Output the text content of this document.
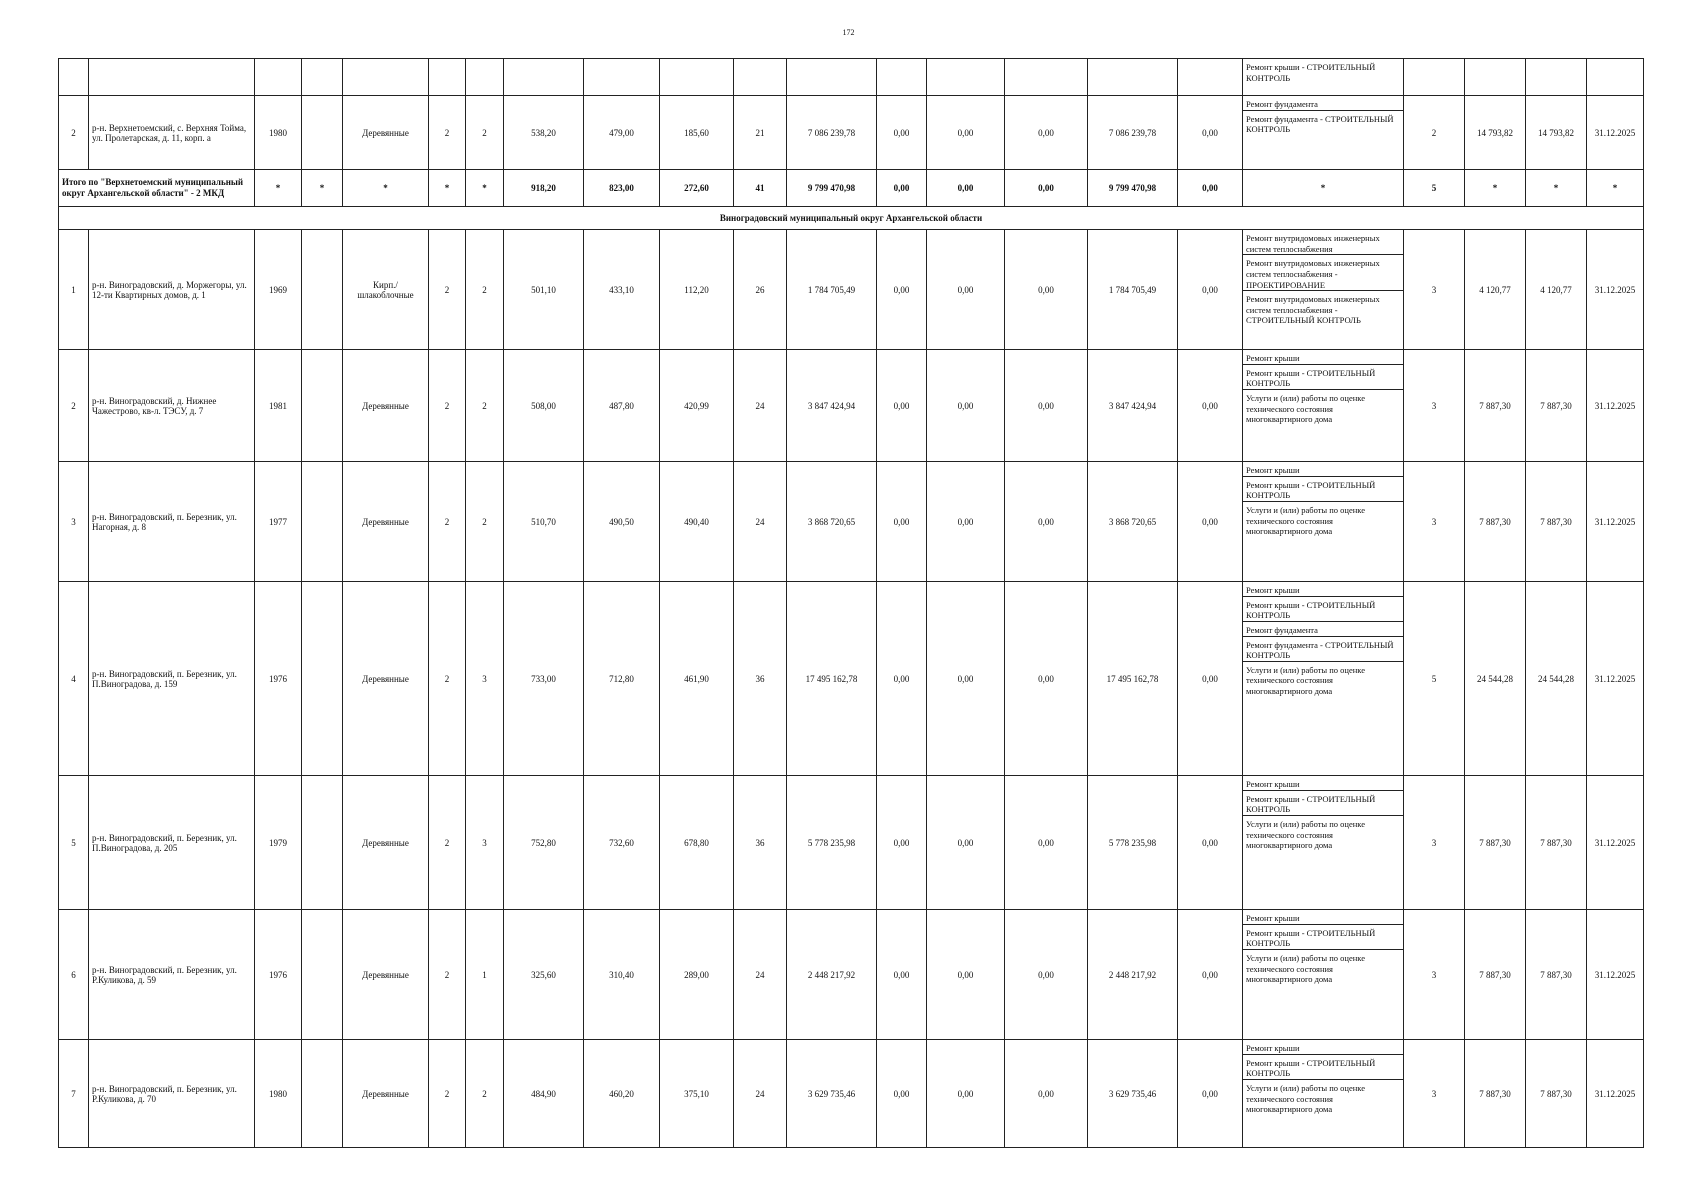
172

																	Ремонт крыши - СТРОИТЕЛЬНЫЙ КОНТРОЛЬ				

2	р-н. Верхнетоемский, с. Верхняя Тойма, ул. Пролетарская, д. 11, корп. а	1980		Деревянные	2	2	538,20	479,00	185,60	21	7 086 239,78	0,00	0,00	0,00	7 086 239,78	0,00	Ремонт фундамента
Ремонт фундамента - СТРОИТЕЛЬНЫЙ КОНТРОЛЬ	2	14 793,82	14 793,82	31.12.2025
Итого по "Верхнетоемский муниципальный округ Архангельской области" - 2 МКД		*	*	*	*	*	918,20	823,00	272,60	41	9 799 470,98	0,00	0,00	0,00	9 799 470,98	0,00	*	5	*	*	*
Виноградовский муниципальный округ Архангельской области																					
1	р-н. Виноградовский, д. Моржегоры, ул. 12-ти Квартирных домов, д. 1	1969		Кирп./ шлакоблочные	2	2	501,10	433,10	112,20	26	1 784 705,49	0,00	0,00	0,00	1 784 705,49	0,00	Ремонт внутридомовых инженерных систем теплоснабжения
Ремонт внутридомовых инженерных систем теплоснабжения - ПРОЕКТИРОВАНИЕ
Ремонт внутридомовых инженерных систем теплоснабжения - СТРОИТЕЛЬНЫЙ КОНТРОЛЬ	3	4 120,77	4 120,77	31.12.2025
2	р-н. Виноградовский, д. Нижнее Чажестрово, кв-л. ТЭСУ, д. 7	1981		Деревянные	2	2	508,00	487,80	420,99	24	3 847 424,94	0,00	0,00	0,00	3 847 424,94	0,00	Ремонт крыши
Ремонт крыши - СТРОИТЕЛЬНЫЙ КОНТРОЛЬ
Услуги и (или) работы по оценке технического состояния многоквартирного дома	3	7 887,30	7 887,30	31.12.2025
3	р-н. Виноградовский, п. Березник, ул. Нагорная, д. 8	1977		Деревянные	2	2	510,70	490,50	490,40	24	3 868 720,65	0,00	0,00	0,00	3 868 720,65	0,00	Ремонт крыши
Ремонт крыши - СТРОИТЕЛЬНЫЙ КОНТРОЛЬ
Услуги и (или) работы по оценке технического состояния многоквартирного дома	3	7 887,30	7 887,30	31.12.2025
4	р-н. Виноградовский, п. Березник, ул. П.Виноградова, д. 159	1976		Деревянные	2	3	733,00	712,80	461,90	36	17 495 162,78	0,00	0,00	0,00	17 495 162,78	0,00	Ремонт крыши
Ремонт крыши - СТРОИТЕЛЬНЫЙ КОНТРОЛЬ
Ремонт фундамента
Ремонт фундамента - СТРОИТЕЛЬНЫЙ КОНТРОЛЬ
Услуги и (или) работы по оценке технического состояния многоквартирного дома	5	24 544,28	24 544,28	31.12.2025
5	р-н. Виноградовский, п. Березник, ул. П.Виноградова, д. 205	1979		Деревянные	2	3	752,80	732,60	678,80	36	5 778 235,98	0,00	0,00	0,00	5 778 235,98	0,00	Ремонт крыши
Ремонт крыши - СТРОИТЕЛЬНЫЙ КОНТРОЛЬ
Услуги и (или) работы по оценке технического состояния многоквартирного дома	3	7 887,30	7 887,30	31.12.2025
6	р-н. Виноградовский, п. Березник, ул. Р.Куликова, д. 59	1976		Деревянные	2	1	325,60	310,40	289,00	24	2 448 217,92	0,00	0,00	0,00	2 448 217,92	0,00	Ремонт крыши
Ремонт крыши - СТРОИТЕЛЬНЫЙ КОНТРОЛЬ
Услуги и (или) работы по оценке технического состояния многоквартирного дома	3	7 887,30	7 887,30	31.12.2025
7	р-н. Виноградовский, п. Березник, ул. Р.Куликова, д. 70	1980		Деревянные	2	2	484,90	460,20	375,10	24	3 629 735,46	0,00	0,00	0,00	3 629 735,46	0,00	Ремонт крыши
Ремонт крыши - СТРОИТЕЛЬНЫЙ КОНТРОЛЬ
Услуги и (или) работы по оценке технического состояния многоквартирного дома	3	7 887,30	7 887,30	31.12.2025
